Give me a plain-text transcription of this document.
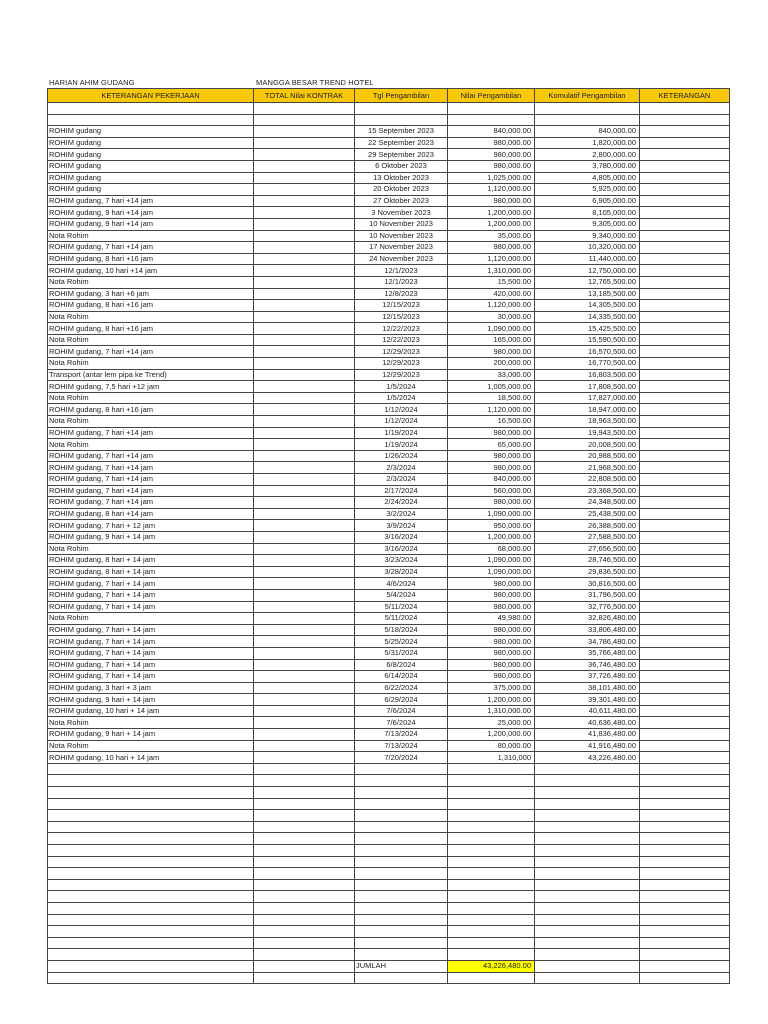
HARIAN AHIM GUDANG	MANGGA BESAR TREND HOTEL
KETERANGAN PEKERJAAN	TOTAL Nilai KONTRAK	Tgl Pengambilan	Nilai Pengambilan	Komulatif Pengambilan	KETERANGAN

ROHIM gudang		15 September 2023	840,000.00	840,000.00	
ROHIM gudang		22 September 2023	980,000.00	1,820,000.00	
ROHIM gudang		29 September 2023	980,000.00	2,800,000.00	
ROHIM gudang		6 Oktober 2023	980,000.00	3,780,000.00	
ROHIM gudang		13 Oktober 2023	1,025,000.00	4,805,000.00	
ROHIM gudang		20 Oktober 2023	1,120,000.00	5,925,000.00	
ROHIM gudang, 7 hari +14 jam		27 Oktober 2023	980,000.00	6,905,000.00	
ROHIM gudang, 9 hari +14 jam		3 November 2023	1,200,000.00	8,105,000.00	
ROHIM gudang, 9 hari +14 jam		10 November 2023	1,200,000.00	9,305,000.00	
Nota Rohim		10 November 2023	35,000.00	9,340,000.00	
ROHIM gudang, 7 hari +14 jam		17 November 2023	980,000.00	10,320,000.00	
ROHIM gudang, 8 hari +16 jam		24 November 2023	1,120,000.00	11,440,000.00	
ROHIM gudang, 10 hari +14 jam		12/1/2023	1,310,000.00	12,750,000.00	
Nota Rohim		12/1/2023	15,500.00	12,765,500.00	
ROHIM gudang, 3 hari +6 jam		12/8/2023	420,000.00	13,185,500.00	
ROHIM gudang, 8 hari +16 jam		12/15/2023	1,120,000.00	14,305,500.00	
Nota Rohim		12/15/2023	30,000.00	14,335,500.00	
ROHIM gudang, 8 hari +16 jam		12/22/2023	1,090,000.00	15,425,500.00	
Nota Rohim		12/22/2023	165,000.00	15,590,500.00	
ROHIM gudang, 7 hari +14 jam		12/29/2023	980,000.00	16,570,500.00	
Nota Rohim		12/29/2023	200,000.00	16,770,500.00	
Transport (antar lem pipa ke Trend)		12/29/2023	33,000.00	16,803,500.00	
ROHIM gudang, 7,5 hari +12 jam		1/5/2024	1,005,000.00	17,808,500.00	
Nota Rohim		1/5/2024	18,500.00	17,827,000.00	
ROHIM gudang, 8 hari +16 jam		1/12/2024	1,120,000.00	18,947,000.00	
Nota Rohim		1/12/2024	16,500.00	18,963,500.00	
ROHIM gudang, 7 hari +14 jam		1/19/2024	980,000.00	19,943,500.00	
Nota Rohim		1/19/2024	65,000.00	20,008,500.00	
ROHIM gudang, 7 hari +14 jam		1/26/2024	980,000.00	20,988,500.00	
ROHIM gudang, 7 hari +14 jam		2/3/2024	980,000.00	21,968,500.00	
ROHIM gudang, 7 hari +14 jam		2/3/2024	840,000.00	22,808,500.00	
ROHIM gudang, 7 hari +14 jam		2/17/2024	560,000.00	23,368,500.00	
ROHIM gudang, 7 hari +14 jam		2/24/2024	980,000.00	24,348,500.00	
ROHIM gudang, 8 hari +14 jam		3/2/2024	1,090,000.00	25,438,500.00	
ROHIM gudang, 7 hari + 12 jam		3/9/2024	950,000.00	26,388,500.00	
ROHIM gudang, 9 hari + 14 jam		3/16/2024	1,200,000.00	27,588,500.00	
Nota Rohim		3/16/2024	68,000.00	27,656,500.00	
ROHIM gudang, 8 hari + 14 jam		3/23/2024	1,090,000.00	28,746,500.00	
ROHIM gudang, 8 hari + 14 jam		3/28/2024	1,090,000.00	29,836,500.00	
ROHIM gudang, 7 hari + 14 jam		4/6/2024	980,000.00	30,816,500.00	
ROHIM gudang, 7 hari + 14 jam		5/4/2024	980,000.00	31,796,500.00	
ROHIM gudang, 7 hari + 14 jam		5/11/2024	980,000.00	32,776,500.00	
Nota Rohim		5/11/2024	49,980.00	32,826,480.00	
ROHIM gudang, 7 hari + 14 jam		5/18/2024	980,000.00	33,806,480.00	
ROHIM gudang, 7 hari + 14 jam		5/25/2024	980,000.00	34,786,480.00	
ROHIM gudang, 7 hari + 14 jam		5/31/2024	980,000.00	35,766,480.00	
ROHIM gudang, 7 hari + 14 jam		6/8/2024	980,000.00	36,746,480.00	
ROHIM gudang, 7 hari + 14 jam		6/14/2024	980,000.00	37,726,480.00	
ROHIM gudang, 3 hari + 3 jam		6/22/2024	375,000.00	38,101,480.00	
ROHIM gudang, 9 hari + 14 jam		6/29/2024	1,200,000.00	39,301,480.00	
ROHIM gudang, 10 hari + 14 jam		7/6/2024	1,310,000.00	40,611,480.00	
Nota Rohim		7/6/2024	25,000.00	40,636,480.00	
ROHIM gudang, 9 hari + 14 jam		7/13/2024	1,200,000.00	41,836,480.00	
Nota Rohim		7/13/2024	80,000.00	41,916,480.00	
ROHIM gudang, 10 hari + 14 jam		7/20/2024	1,310,000	43,226,480.00	

		JUMLAH	43,226,480.00		
